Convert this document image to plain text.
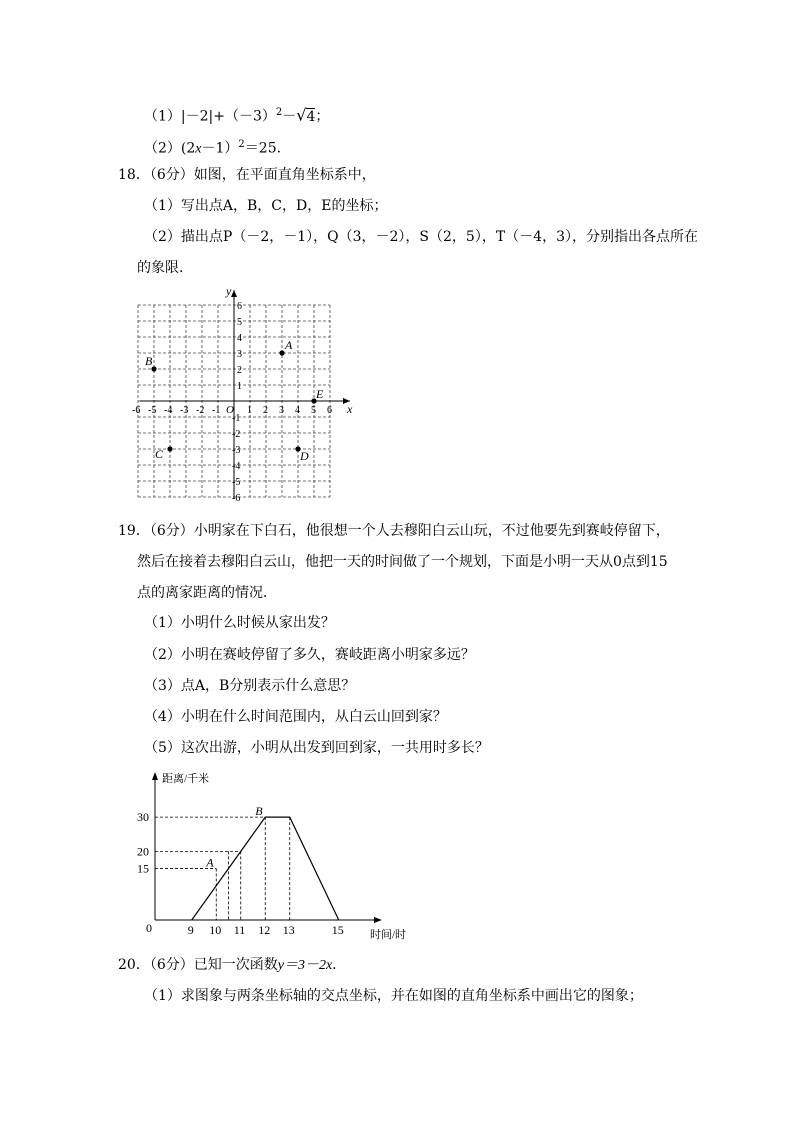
$(1)|-2|+(-3)^2-√4$；
（2）(2x－1）$^2$＝25．
18．（6分）如图，在平面直角坐标系中，
（1）写出点A，B，C，D，E的坐标；
（2）描出点P（－2，－1），Q（3，－2），S（2，5），T（－4，3），分别指出各点所在
的象限．
x
y
O
-6 -5 -4 -3 -2 -1	1 2 3 4 5 6
6
5
4
3
2
1
-1
-2
-3
-4
-5
-6
A
B
C	D
E
19．（6分）小明家在下白石，他很想一个人去穆阳白云山玩，不过他要先到赛岐停留下，
然后在接着去穆阳白云山，他把一天的时间做了一个规划，下面是小明一天从0点到15
点的离家距离的情况．
（1）小明什么时候从家出发？
（2）小明在赛岐停留了多久，赛岐距离小明家多远？
（3）点A，B分别表示什么意思？
（4）小明在什么时间范围内，从白云山回到家？
（5）这次出游，小明从出发到回到家，一共用时多长？
距离/千米
时间/时
0	9 10 11 12 13	15
15
20
30
A
B
20．（6分）已知一次函数y＝3－2x．
（1）求图象与两条坐标轴的交点坐标，并在如图的直角坐标系中画出它的图象；
